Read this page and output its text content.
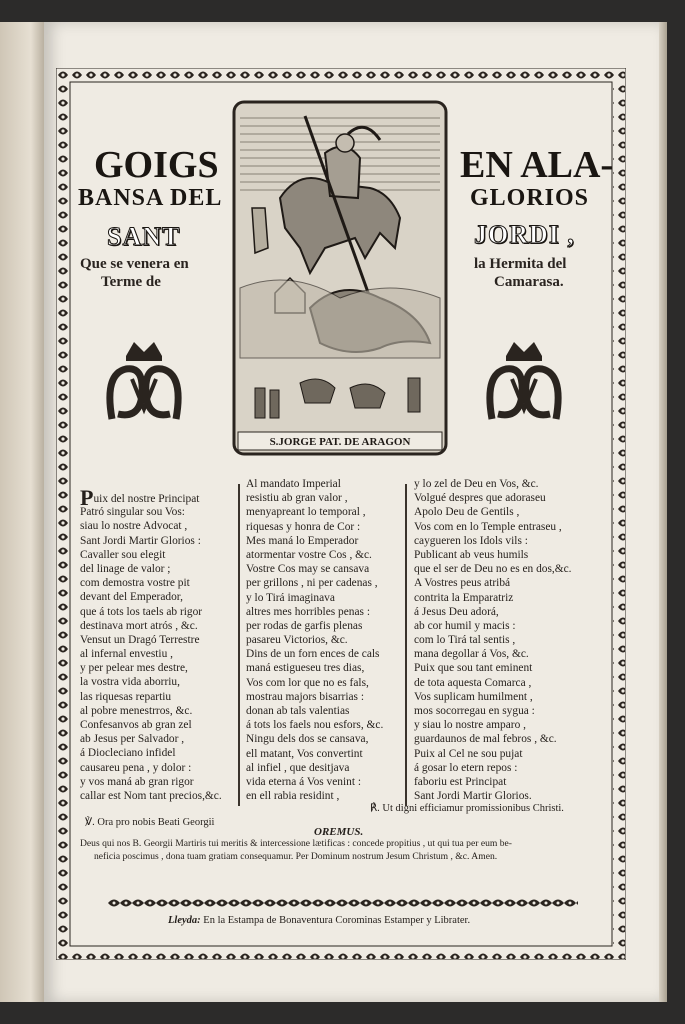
GOIGS	EN ALA-
BANSA DEL	GLORIOS
SANT	JORDI ,
Que se venera en
Terme de
la Hermita del
Camarasa.
S.JORGE PAT. DE ARAGON
Puix del nostre Principat
Patró singular sou Vos:
siau lo nostre Advocat ,
Sant Jordi Martir Glorios :
Cavaller sou elegit
del linage de valor ;
com demostra vostre pit
devant del Emperador,
que á tots los taels ab rigor
destinava mort atrós , &c.
Vensut un Dragó Terrestre
al infernal envestiu ,
y per pelear mes destre,
la vostra vida aborriu,
las riquesas repartiu
al pobre menestrros, &c.
Confesanvos ab gran zel
ab Jesus per Salvador ,
á Diocleciano infidel
causareu pena , y dolor :
y vos maná ab gran rigor
callar est Nom tant precios,&c.
Al mandato Imperial
resistiu ab gran valor ,
menyapreant lo temporal ,
riquesas y honra de Cor :
Mes maná lo Emperador
atormentar vostre Cos , &c.
Vostre Cos may se cansava
per grillons , ni per cadenas ,
y lo Tirá imaginava
altres mes horribles penas :
per rodas de garfis plenas
pasareu Victorios, &c.
Dins de un forn ences de cals
maná estigueseu tres dias,
Vos com lor que no es fals,
mostrau majors bisarrias :
donan ab tals valentias
á tots los faels nou esfors, &c.
Ningu dels dos se cansava,
ell matant, Vos convertint
al infiel , que desitjava
vida eterna á Vos venint :
en ell rabia residint ,
y lo zel de Deu en Vos, &c.
Volgué despres que adoraseu
Apolo Deu de Gentils ,
Vos com en lo Temple entraseu ,
caygueren los Idols vils :
Publicant ab veus humils
que el ser de Deu no es en dos,&c.
A Vostres peus atribá
contrita la Emparatriz
á Jesus Deu adorá,
ab cor humil y macis :
com lo Tirá tal sentis ,
mana degollar á Vos, &c.
Puix que sou tant eminent
de tota aquesta Comarca ,
Vos suplicam humilment ,
mos socorregau en sygua :
y siau lo nostre amparo ,
guardaunos de mal febros , &c.
Puix al Cel ne sou pujat
á gosar lo etern repos :
faboriu est Principat
Sant Jordi Martir Glorios.
℟. Ut digni efficiamur promissionibus Christi.
℣. Ora pro nobis Beati Georgii
OREMUS.
Deus qui nos B. Georgii Martiris tui meritis & intercessione lætificas : concede propitius , ut qui tua per eum be-
neficia poscimus , dona tuam gratiam consequamur. Per Dominum nostrum Jesum Christum , &c. Amen.
Lleyda: En la Estampa de Bonaventura Corominas Estamper y Librater.
